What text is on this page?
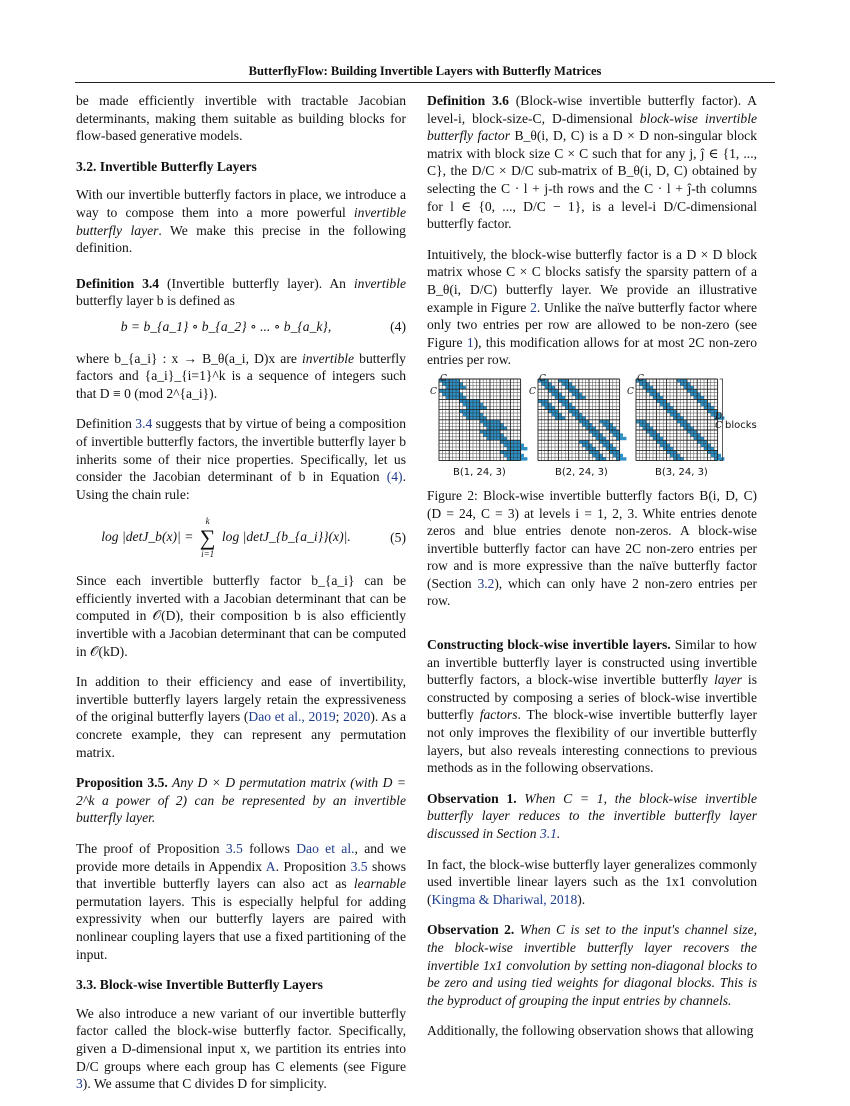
ButterflyFlow: Building Invertible Layers with Butterfly Matrices

be made efficiently invertible with tractable Jacobian determinants, making them suitable as building blocks for flow-based generative models.

3.2. Invertible Butterfly Layers

With our invertible butterfly factors in place, we introduce a way to compose them into a more powerful invertible butterfly layer. We make this precise in the following definition.

Definition 3.4 (Invertible butterfly layer). An invertible butterfly layer b is defined as

b = b_{a_1} ∘ b_{a_2} ∘ ... ∘ b_{a_k},	(4)

where b_{a_i} : x → B_θ(a_i, D)x are invertible butterfly factors and {a_i}_{i=1}^k is a sequence of integers such that D ≡ 0 (mod 2^{a_i}).

Definition 3.4 suggests that by virtue of being a composition of invertible butterfly factors, the invertible butterfly layer b inherits some of their nice properties. Specifically, let us consider the Jacobian determinant of b in Equation (4). Using the chain rule:

log |detJ_b(x)| =
k
∑
i=1
log |detJ_{b_{a_i}}(x)|.	(5)

Since each invertible butterfly factor b_{a_i} can be efficiently inverted with a Jacobian determinant that can be computed in 𝒪(D), their composition b is also efficiently invertible with a Jacobian determinant that can be computed in 𝒪(kD).

In addition to their efficiency and ease of invertibility, invertible butterfly layers largely retain the expressiveness of the original butterfly layers (Dao et al., 2019; 2020). As a concrete example, they can represent any permutation matrix.

Proposition 3.5. Any D × D permutation matrix (with D = 2^k a power of 2) can be represented by an invertible butterfly layer.

The proof of Proposition 3.5 follows Dao et al., and we provide more details in Appendix A. Proposition 3.5 shows that invertible butterfly layers can also act as learnable permutation layers. This is especially helpful for adding expressivity when our butterfly layers are paired with nonlinear coupling layers that use a fixed partitioning of the input.

3.3. Block-wise Invertible Butterfly Layers

We also introduce a new variant of our invertible butterfly factor called the block-wise butterfly factor. Specifically, given a D-dimensional input x, we partition its entries into D/C groups where each group has C elements (see Figure 3). We assume that C divides D for simplicity.

Definition 3.6 (Block-wise invertible butterfly factor). A level-i, block-size-C, D-dimensional block-wise invertible butterfly factor B_θ(i, D, C) is a D × D non-singular block matrix with block size C × C such that for any j, ĵ ∈ {1, ..., C}, the D/C × D/C sub-matrix of B_θ(i, D, C) obtained by selecting the C · l + j-th rows and the C · l + ĵ-th columns for l ∈ {0, ..., D/C − 1}, is a level-i D/C-dimensional butterfly factor.

Intuitively, the block-wise butterfly factor is a D × D block matrix whose C × C blocks satisfy the sparsity pattern of a B_θ(i, D/C) butterfly layer. We provide an illustrative example in Figure 2. Unlike the naïve butterfly factor where only two entries per row are allowed to be non-zero (see Figure 1), this modification allows for at most 2C non-zero entries per row.

B(1, 24, 3)	B(2, 24, 3)	B(3, 24, 3)
C
C
C
C
C
C
D
C blocks
Figure 2: Block-wise invertible butterfly factors B(i, D, C) (D = 24, C = 3) at levels i = 1, 2, 3. White entries denote zeros and blue entries denote non-zeros. A block-wise invertible butterfly factor can have 2C non-zero entries per row and is more expressive than the naïve butterfly factor (Section 3.2), which can only have 2 non-zero entries per row.

Constructing block-wise invertible layers. Similar to how an invertible butterfly layer is constructed using invertible butterfly factors, a block-wise invertible butterfly layer is constructed by composing a series of block-wise invertible butterfly factors. The block-wise invertible butterfly layer not only improves the flexibility of our invertible butterfly layers, but also reveals interesting connections to previous methods as in the following observations.

Observation 1. When C = 1, the block-wise invertible butterfly layer reduces to the invertible butterfly layer discussed in Section 3.1.

In fact, the block-wise butterfly layer generalizes commonly used invertible linear layers such as the 1x1 convolution (Kingma & Dhariwal, 2018).

Observation 2. When C is set to the input's channel size, the block-wise invertible butterfly layer recovers the invertible 1x1 convolution by setting non-diagonal blocks to be zero and using tied weights for diagonal blocks. This is the byproduct of grouping the input entries by channels.

Additionally, the following observation shows that allowing
